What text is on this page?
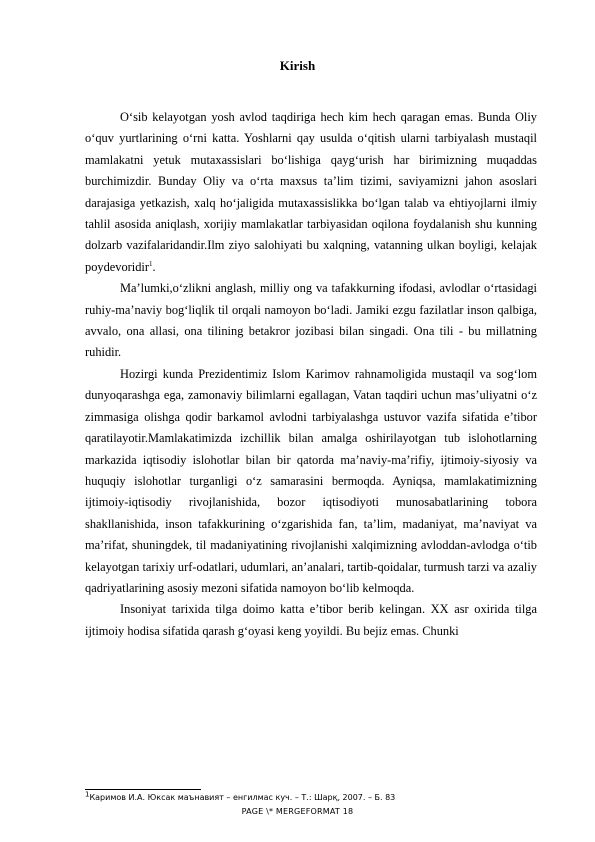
Kirish

O‘sib kelayotgan yosh avlod taqdiriga hech kim hech qaragan emas. Bunda Oliy o‘quv yurtlarining o‘rni katta. Yoshlarni qay usulda o‘qitish ularni tarbiyalash mustaqil mamlakatni yetuk mutaxassislari bo‘lishiga qayg‘urish har birimizning muqaddas burchimizdir. Bunday Oliy va o‘rta maxsus ta’lim tizimi, saviyamizni jahon asoslari darajasiga yetkazish, xalq ho‘jaligida mutaxassislikka bo‘lgan talab va ehtiyojlarni ilmiy tahlil asosida aniqlash, xorijiy mamlakatlar tarbiyasidan oqilona foydalanish shu kunning dolzarb vazifalaridandir.Ilm ziyo salohiyati bu xalqning, vatanning ulkan boyligi, kelajak poydevoridir$^1$.

Ma’lumki,o‘zlikni anglash, milliy ong va tafakkurning ifodasi, avlodlar o‘rtasidagi ruhiy-ma’naviy bog‘liqlik til orqali namoyon bo‘ladi. Jamiki ezgu fazilatlar inson qalbiga, avvalo, ona allasi, ona tilining betakror jozibasi bilan singadi. Ona tili - bu millatning ruhidir.

Hozirgi kunda Prezidentimiz Islom Karimov rahnamoligida mustaqil va sog‘lom dunyoqarashga ega, zamonaviy bilimlarni egallagan, Vatan taqdiri uchun mas’uliyatni o‘z zimmasiga olishga qodir barkamol avlodni tarbiyalashga ustuvor vazifa sifatida e’tibor qaratilayotir.Mamlakatimizda izchillik bilan amalga oshirilayotgan tub islohotlarning markazida iqtisodiy islohotlar bilan bir qatorda ma’naviy-ma’rifiy, ijtimoiy-siyosiy va huquqiy islohotlar turganligi o‘z samarasini bermoqda. Ayniqsa, mamlakatimizning ijtimoiy-iqtisodiy rivojlanishida, bozor iqtisodiyoti munosabatlarining tobora shakllanishida, inson tafakkurining o‘zgarishida fan, ta’lim, madaniyat, ma’naviyat va ma’rifat, shuningdek, til madaniyatining rivojlanishi xalqimizning avloddan-avlodga o‘tib kelayotgan tarixiy urf-odatlari, udumlari, an’analari, tartib-qoidalar, turmush tarzi va azaliy qadriyatlarining asosiy mezoni sifatida namoyon bo‘lib kelmoqda.

Insoniyat tarixida tilga doimo katta e’tibor berib kelingan. XX asr oxirida tilga ijtimoiy hodisa sifatida qarash g‘oyasi keng yoyildi. Bu bejiz emas. Chunki

$^1$Каримов И.А. Юксак маънавият – енгилмас куч. – Т.: Шарқ, 2007. – Б. 83
PAGE \* MERGEFORMAT 18
